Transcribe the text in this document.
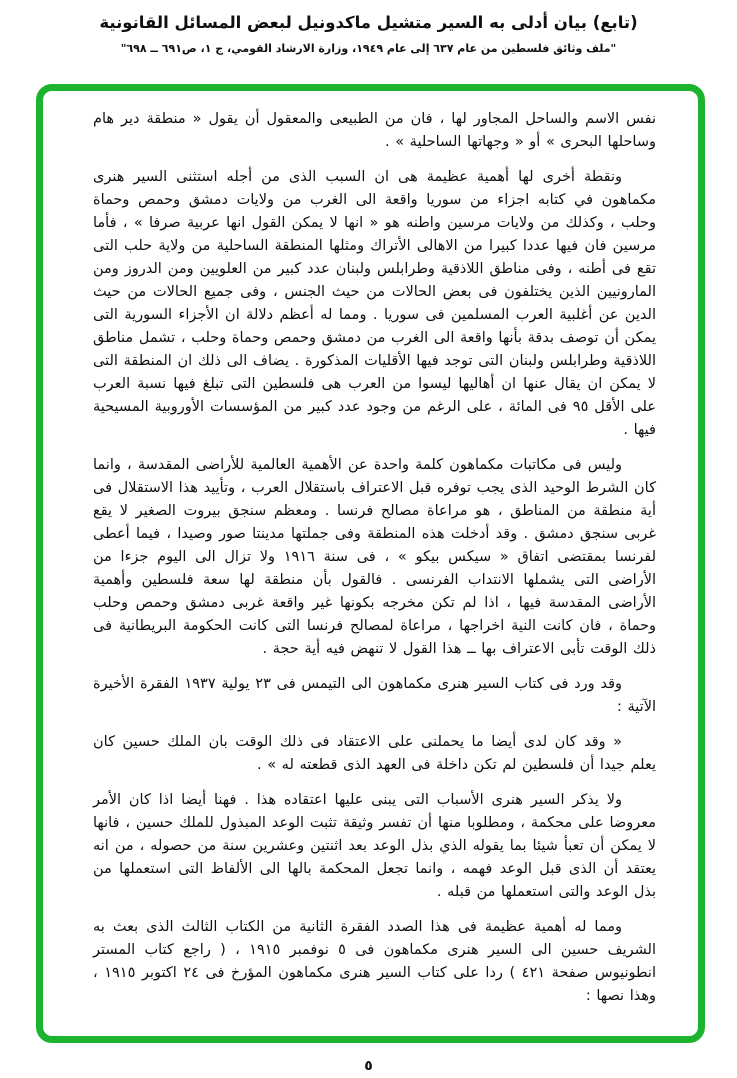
(تابع) بيان أدلى به السير متشيل ماكدونيل لبعض المسائل القانونية
"ملف وثائق فلسطين من عام ٦٣٧ إلى عام ١٩٤٩، وزارة الارشاد القومي، ج ١، ص٦٩١ ــ ٦٩٨"

نفس الاسم والساحل المجاور لها ، فان من الطبيعى والمعقول أن يقول « منطقة دير هام وساحلها البحرى » أو « وجهاتها الساحلية » .

ونقطة أخرى لها أهمية عظيمة هى ان السبب الذى من أجله استثنى السير هنرى مكماهون في كتابه اجزاء من سوريا واقعة الى الغرب من ولايات دمشق وحمص وحماة وحلب ، وكذلك من ولايات مرسين واطنه هو « انها لا يمكن القول انها عربية صرفا » ، فأما مرسين فان فيها عددا كبيرا من الاهالى الأتراك ومثلها المنطقة الساحلية من ولاية حلب التى تقع فى أطنه ، وفى مناطق اللاذقية وطرابلس ولبنان عدد كبير من العلويين ومن الدروز ومن المارونيين الذين يختلفون فى بعض الحالات من حيث الجنس ، وفى جميع الحالات من حيث الدين عن أغلبية العرب المسلمين فى سوريا . ومما له أعظم دلالة ان الأجزاء السورية التى يمكن أن توصف بدقة بأنها واقعة الى الغرب من دمشق وحمص وحماة وحلب ، تشمل مناطق اللاذقية وطرابلس ولبنان التى توجد فيها الأقليات المذكورة . يضاف الى ذلك ان المنطقة التى لا يمكن ان يقال عنها ان أهاليها ليسوا من العرب هى فلسطين التى تبلغ فيها نسبة العرب على الأقل ٩٥ فى المائة ، على الرغم من وجود عدد كبير من المؤسسات الأوروبية المسيحية فيها .

وليس فى مكاتبات مكماهون كلمة واحدة عن الأهمية العالمية للأراضى المقدسة ، وانما كان الشرط الوحيد الذى يجب توفره قبل الاعتراف باستقلال العرب ، وتأييد هذا الاستقلال فى أية منطقة من المناطق ، هو مراعاة مصالح فرنسا . ومعظم سنجق بيروت الصغير لا يقع غربى سنجق دمشق . وقد أدخلت هذه المنطقة وفى جملتها مدينتا صور وصيدا ، فيما أعطى لفرنسا بمقتضى اتفاق « سيكس بيكو » ، فى سنة ١٩١٦ ولا تزال الى اليوم جزءا من الأراضى التى يشملها الانتداب الفرنسى . فالقول بأن منطقة لها سعة فلسطين وأهمية الأراضى المقدسة فيها ، اذا لم تكن مخرجه بكونها غير واقعة غربى دمشق وحمص وحلب وحماة ، فان كانت النية اخراجها ، مراعاة لمصالح فرنسا التى كانت الحكومة البريطانية فى ذلك الوقت تأبى الاعتراف بها ــ هذا القول لا تنهض فيه أية حجة .

وقد ورد فى كتاب السير هنرى مكماهون الى التيمس فى ٢٣ يولية ١٩٣٧ الفقرة الأخيرة الآتية :

« وقد كان لدى أيضا ما يحملنى على الاعتقاد فى ذلك الوقت بان الملك حسين كان يعلم جيدا أن فلسطين لم تكن داخلة فى العهد الذى قطعته له » .

ولا يذكر السير هنرى الأسباب التى يبنى عليها اعتقاده هذا . فهنا أيضا اذا كان الأمر معروضا على محكمة ، ومطلوبا منها أن تفسر وثيقة تثبت الوعد المبذول للملك حسين ، فانها لا يمكن أن تعبأ شيئا بما يقوله الذي بذل الوعد بعد اثنتين وعشرين سنة من حصوله ، من انه يعتقد أن الذى قبل الوعد فهمه ، وانما تجعل المحكمة بالها الى الألفاظ التى استعملها من بذل الوعد والتى استعملها من قبله .

ومما له أهمية عظيمة فى هذا الصدد الفقرة الثانية من الكتاب الثالث الذى بعث به الشريف حسين الى السير هنرى مكماهون فى ٥ نوفمبر ١٩١٥ ، ( راجع كتاب المستر انطونيوس صفحة ٤٢١ ) ردا على كتاب السير هنرى مكماهون المؤرخ فى ٢٤ اكتوبر ١٩١٥ ، وهذا نصها :

٥
